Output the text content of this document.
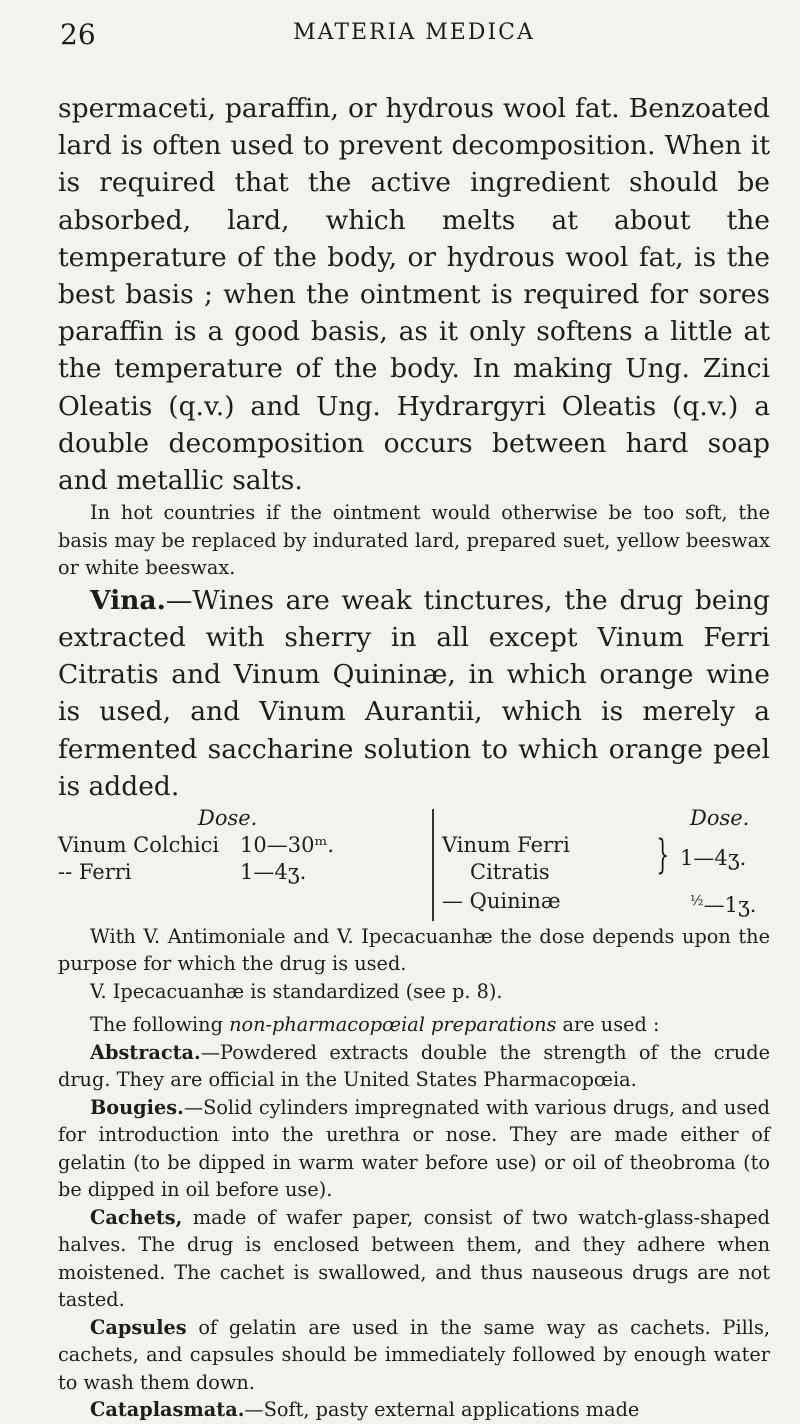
26	MATERIA MEDICA

spermaceti, paraffin, or hydrous wool fat. Benzoated lard is often used to prevent decomposition. When it is required that the active ingredient should be absorbed, lard, which melts at about the temperature of the body, or hydrous wool fat, is the best basis ; when the ointment is required for sores paraffin is a good basis, as it only softens a little at the temperature of the body. In making Ung. Zinci Oleatis (q.v.) and Ung. Hydrargyri Oleatis (q.v.) a double decomposition occurs between hard soap and metallic salts.

In hot countries if the ointment would otherwise be too soft, the basis may be replaced by indurated lard, prepared suet, yellow beeswax or white beeswax.

Vina.—Wines are weak tinctures, the drug being extracted with sherry in all except Vinum Ferri Citratis and Vinum Quininæ, in which orange wine is used, and Vinum Aurantii, which is merely a fermented saccharine solution to which orange peel is added.

Dose.	Dose.
Vinum Colchici 10—30ᵐ.
-- Ferri	1—4ʒ.
Vinum Ferri
Citratis	} 1—4ʒ.
— Quininæ	$^{\frac{1}{2}}$—1ʒ.

With V. Antimoniale and V. Ipecacuanhæ the dose depends upon the purpose for which the drug is used.

V. Ipecacuanhæ is standardized (see p. 8).

The following non-pharmacopœial preparations are used :

Abstracta.—Powdered extracts double the strength of the crude drug. They are official in the United States Pharmacopœia.

Bougies.—Solid cylinders impregnated with various drugs, and used for introduction into the urethra or nose. They are made either of gelatin (to be dipped in warm water before use) or oil of theobroma (to be dipped in oil before use).

Cachets, made of wafer paper, consist of two watch-glass-shaped halves. The drug is enclosed between them, and they adhere when moistened. The cachet is swallowed, and thus nauseous drugs are not tasted.

Capsules of gelatin are used in the same way as cachets. Pills, cachets, and capsules should be immediately followed by enough water to wash them down.

Cataplasmata.—Soft, pasty external applications made
